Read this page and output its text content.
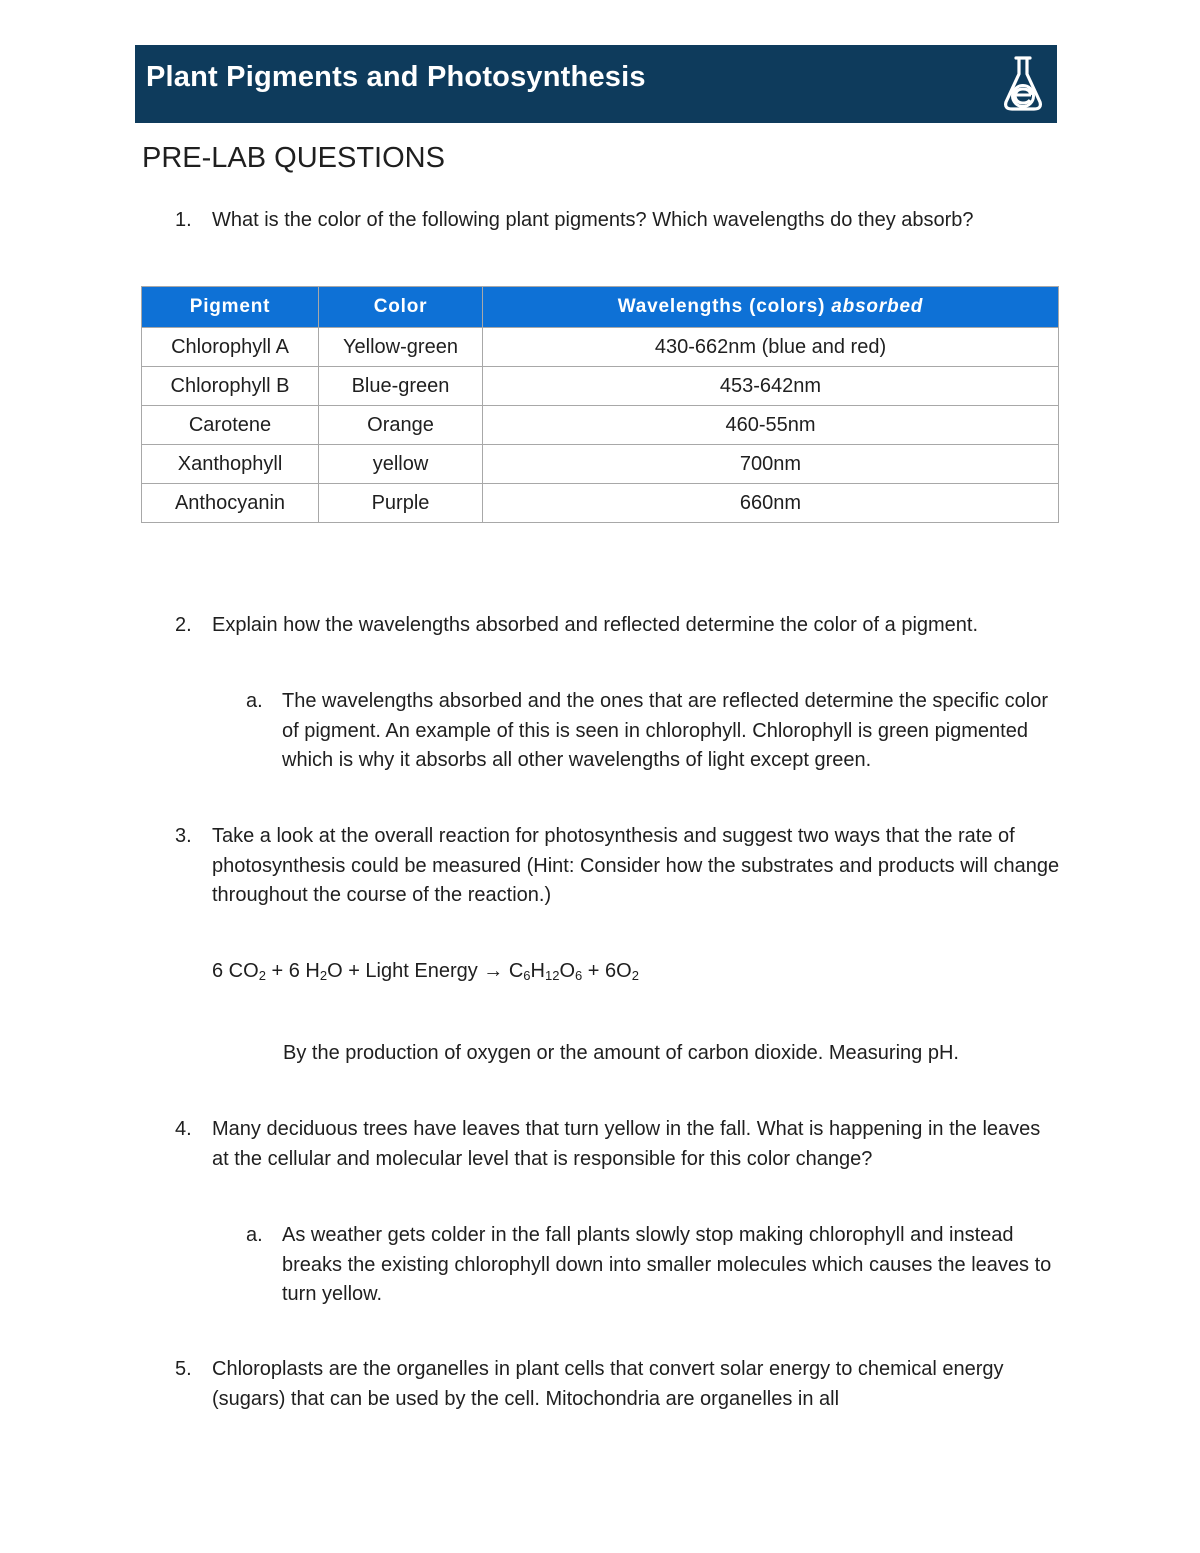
Plant Pigments and Photosynthesis
PRE-LAB QUESTIONS
1. What is the color of the following plant pigments? Which wavelengths do they absorb?
Pigment	Color	Wavelengths (colors) absorbed
Chlorophyll A	Yellow-green	430-662nm (blue and red)
Chlorophyll B	Blue-green	453-642nm
Carotene	Orange	460-55nm
Xanthophyll	yellow	700nm
Anthocyanin	Purple	660nm
2. Explain how the wavelengths absorbed and reflected determine the color of a pigment.
a. The wavelengths absorbed and the ones that are reflected determine the specific color of pigment. An example of this is seen in chlorophyll. Chlorophyll is green pigmented which is why it absorbs all other wavelengths of light except green.
3. Take a look at the overall reaction for photosynthesis and suggest two ways that the rate of photosynthesis could be measured (Hint: Consider how the substrates and products will change throughout the course of the reaction.)
6 $CO_2 + 6$ $H_2O$ + Light Energy → $C_6H_{12}O_6 + 6O_2$
By the production of oxygen or the amount of carbon dioxide. Measuring pH.
4. Many deciduous trees have leaves that turn yellow in the fall. What is happening in the leaves at the cellular and molecular level that is responsible for this color change?
a. As weather gets colder in the fall plants slowly stop making chlorophyll and instead breaks the existing chlorophyll down into smaller molecules which causes the leaves to turn yellow.
5. Chloroplasts are the organelles in plant cells that convert solar energy to chemical energy (sugars) that can be used by the cell. Mitochondria are organelles in all
